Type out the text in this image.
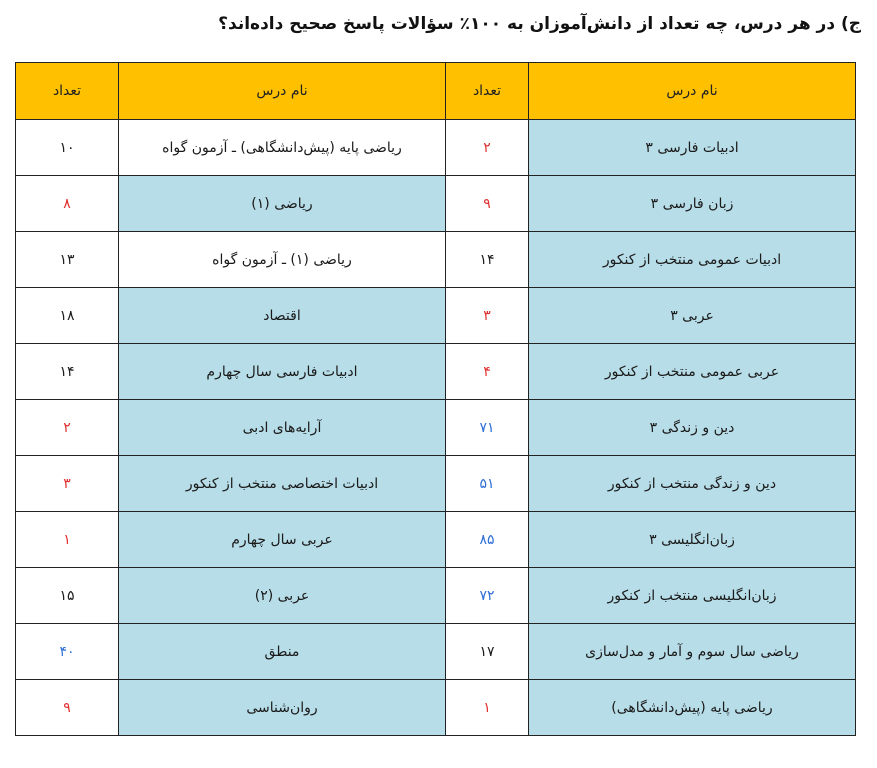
ج) در هر درس، چه تعداد از دانش‌آموزان به ۱۰۰٪ سؤالات پاسخ صحیح داده‌اند؟
نام درس	تعداد	نام درس	تعداد
ادبیات فارسی ۳	۲	ریاضی پایه (پیش‌دانشگاهی) ـ آزمون گواه	۱۰
زبان فارسی ۳	۹	ریاضی (۱)	۸
ادبیات عمومی منتخب از کنکور	۱۴	ریاضی (۱) ـ آزمون گواه	۱۳
عربی ۳	۳	اقتصاد	۱۸
عربی عمومی منتخب از کنکور	۴	ادبیات فارسی سال چهارم	۱۴
دین و زندگی ۳	۷۱	آرایه‌های ادبی	۲
دین و زندگی منتخب از کنکور	۵۱	ادبیات اختصاصی منتخب از کنکور	۳
زبان‌انگلیسی ۳	۸۵	عربی سال چهارم	۱
زبان‌انگلیسی منتخب از کنکور	۷۲	عربی (۲)	۱۵
ریاضی سال سوم و آمار و مدل‌سازی	۱۷	منطق	۴۰
ریاضی پایه (پیش‌دانشگاهی)	۱	روان‌شناسی	۹
